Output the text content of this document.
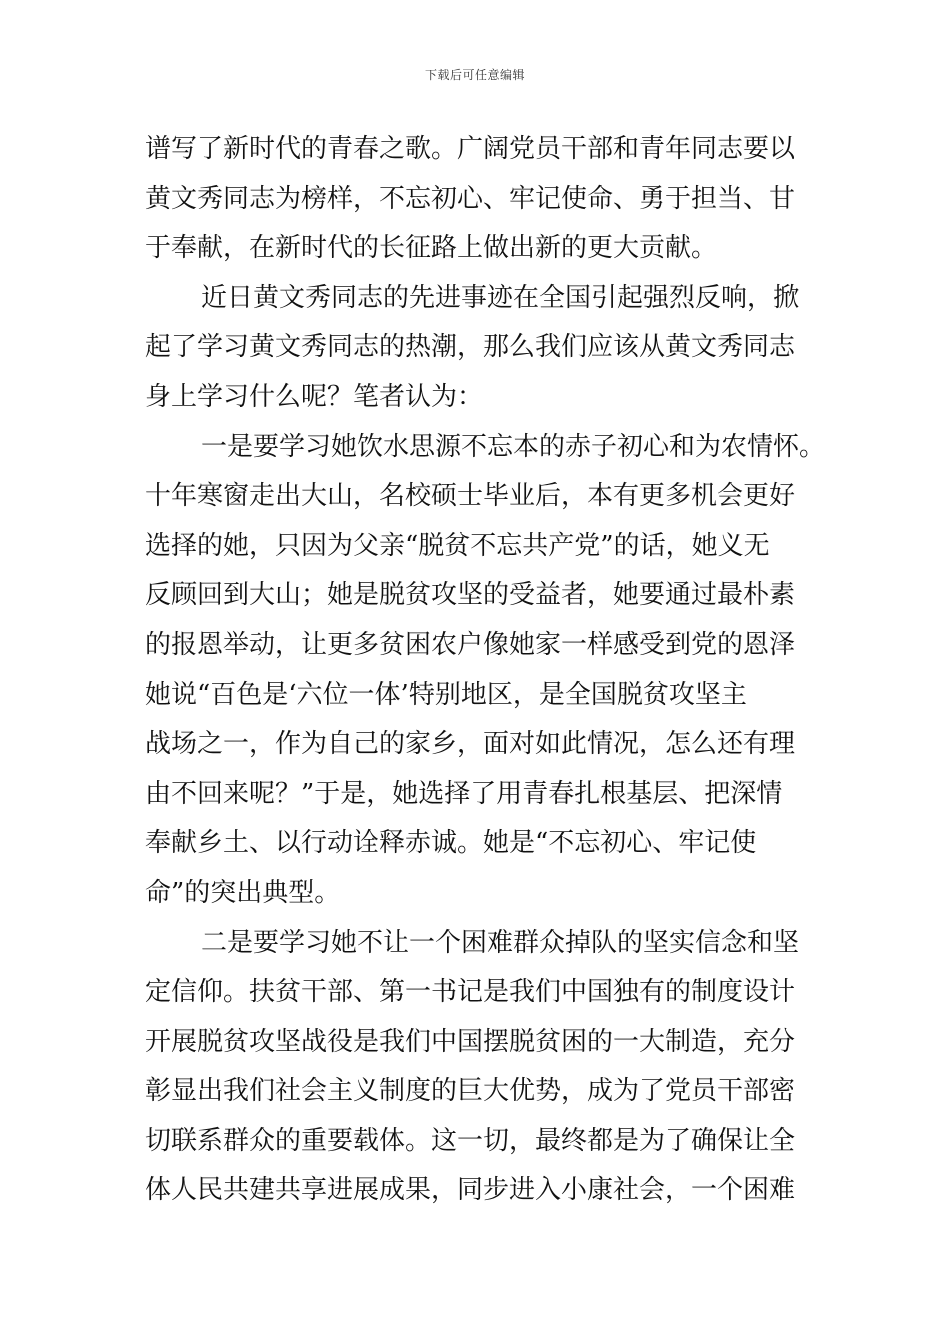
下载后可任意编辑
谱写了新时代的青春之歌。广阔党员干部和青年同志要以
黄文秀同志为榜样，不忘初心、牢记使命、勇于担当、甘
于奉献，在新时代的长征路上做出新的更大贡献。
近日黄文秀同志的先进事迹在全国引起强烈反响，掀
起了学习黄文秀同志的热潮，那么我们应该从黄文秀同志
身上学习什么呢？笔者认为：
一是要学习她饮水思源不忘本的赤子初心和为农情怀。
十年寒窗走出大山，名校硕士毕业后，本有更多机会更好
选择的她，只因为父亲“脱贫不忘共产党”的话，她义无
反顾回到大山；她是脱贫攻坚的受益者，她要通过最朴素
的报恩举动，让更多贫困农户像她家一样感受到党的恩泽
她说“百色是‘六位一体’特别地区，是全国脱贫攻坚主
战场之一，作为自己的家乡，面对如此情况，怎么还有理
由不回来呢？”于是，她选择了用青春扎根基层、把深情
奉献乡土、以行动诠释赤诚。她是“不忘初心、牢记使
命”的突出典型。
二是要学习她不让一个困难群众掉队的坚实信念和坚
定信仰。扶贫干部、第一书记是我们中国独有的制度设计
开展脱贫攻坚战役是我们中国摆脱贫困的一大制造，充分
彰显出我们社会主义制度的巨大优势，成为了党员干部密
切联系群众的重要载体。这一切，最终都是为了确保让全
体人民共建共享进展成果，同步进入小康社会，一个困难
